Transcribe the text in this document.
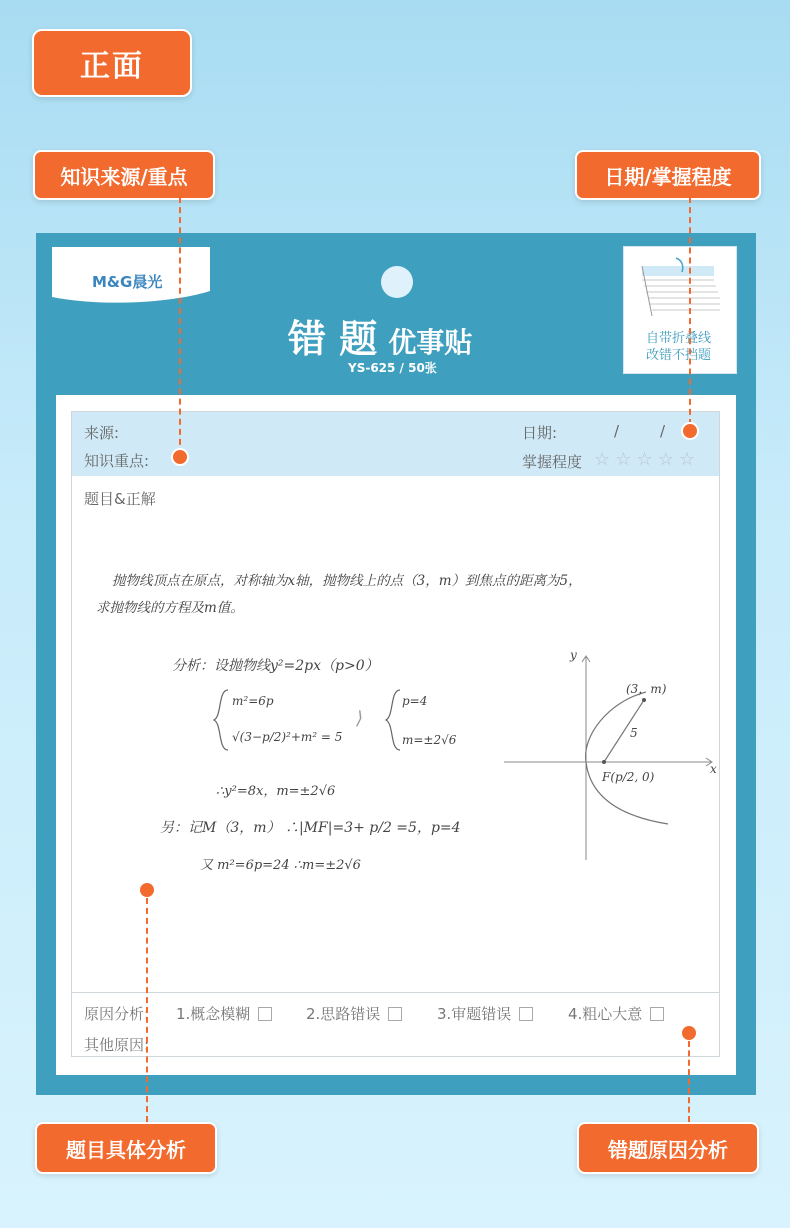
正面
知识来源/重点	日期/掌握程度
M&G晨光
错 题 优事贴
YS-625 / 50张
自带折叠线
改错不挡题
来源:
知识重点:
日期:	/	/
掌握程度 ☆ ☆ ☆ ☆ ☆
题目&正解
抛物线顶点在原点，对称轴为x轴，抛物线上的点（3，m）到焦点的距离为5，
求抛物线的方程及m值。
分析：设抛物线y²=2px（p>0）
m²=6p
√(3−p/2)²+m² = 5
⟩
p=4
m=±2√6
∴y²=8x，m=±2√6
另：记M（3，m） ∴|MF|=3+ p/2 =5，p=4
又 m²=6p=24 ∴m=±2√6
y
x
(3，m)
5
F(p/2, 0)
原因分析: 1.概念模糊	2.思路错误	3.审题错误	4.粗心大意
其他原因:
题目具体分析	错题原因分析
